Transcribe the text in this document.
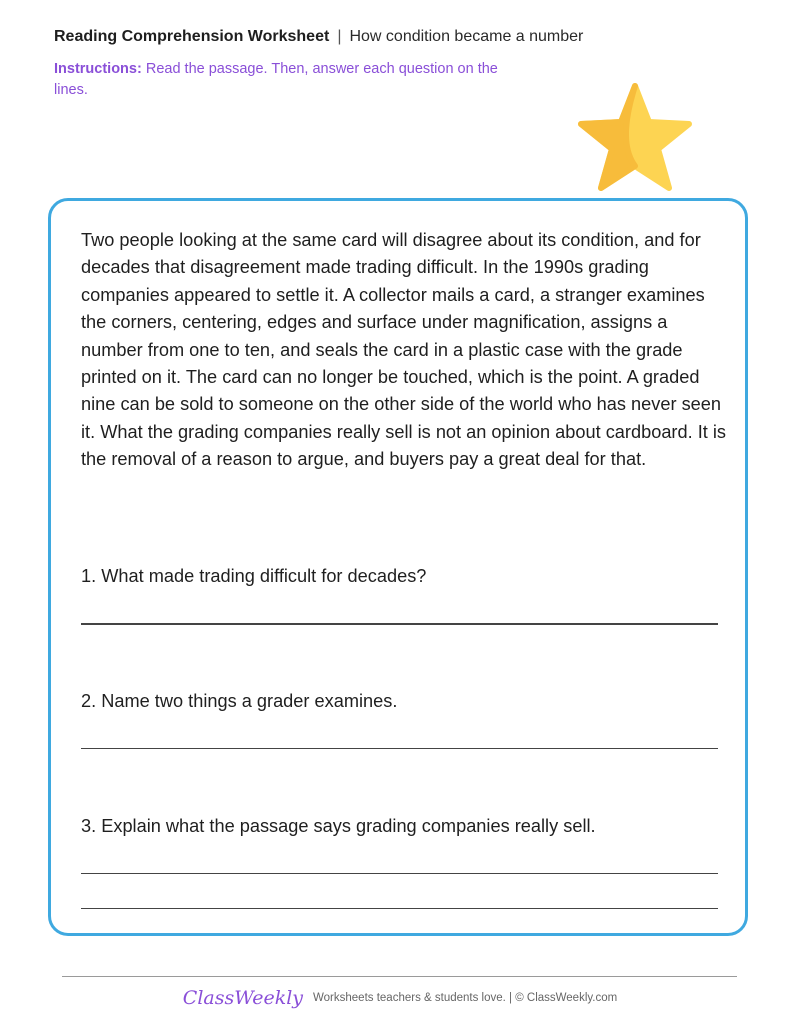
Reading Comprehension Worksheet | How condition became a number
Instructions: Read the passage. Then, answer each question on the lines.

Two people looking at the same card will disagree about its condition, and for decades that disagreement made trading difficult. In the 1990s grading companies appeared to settle it. A collector mails a card, a stranger examines the corners, centering, edges and surface under magnification, assigns a number from one to ten, and seals the card in a plastic case with the grade printed on it. The card can no longer be touched, which is the point. A graded nine can be sold to someone on the other side of the world who has never seen it. What the grading companies really sell is not an opinion about cardboard. It is the removal of a reason to argue, and buyers pay a great deal for that.

1. What made trading difficult for decades?
2. Name two things a grader examines.
3. Explain what the passage says grading companies really sell.
ClassWeekly Worksheets teachers & students love. | © ClassWeekly.com
